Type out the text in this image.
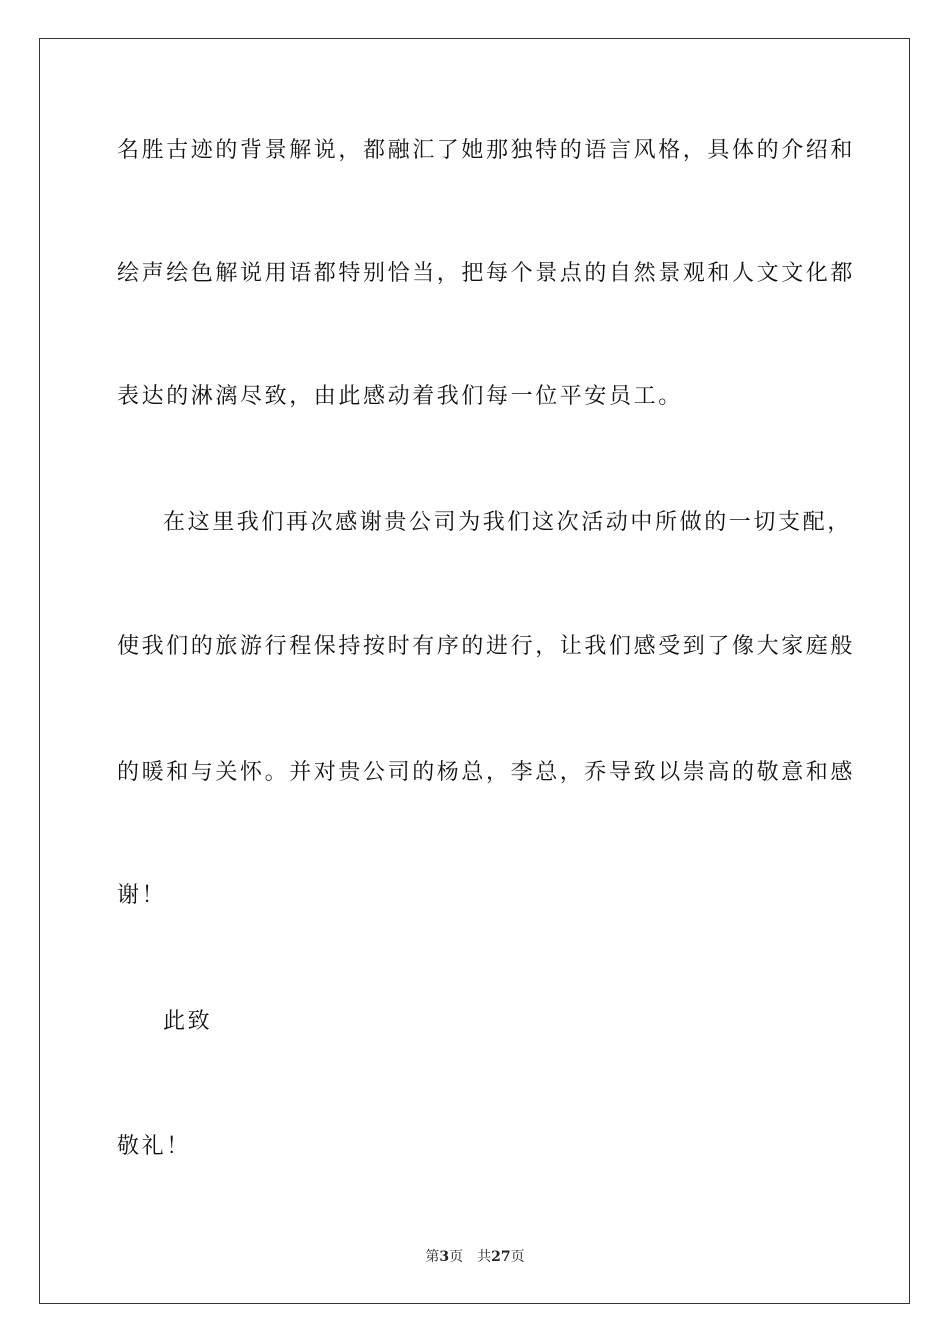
名胜古迹的背景解说，都融汇了她那独特的语言风格，具体的介绍和
绘声绘色解说用语都特别恰当，把每个景点的自然景观和人文文化都
表达的淋漓尽致，由此感动着我们每一位平安员工。
在这里我们再次感谢贵公司为我们这次活动中所做的一切支配，
使我们的旅游行程保持按时有序的进行，让我们感受到了像大家庭般
的暖和与关怀。并对贵公司的杨总，李总，乔导致以崇高的敬意和感
谢！
此致
敬礼！
第3页 共27页
